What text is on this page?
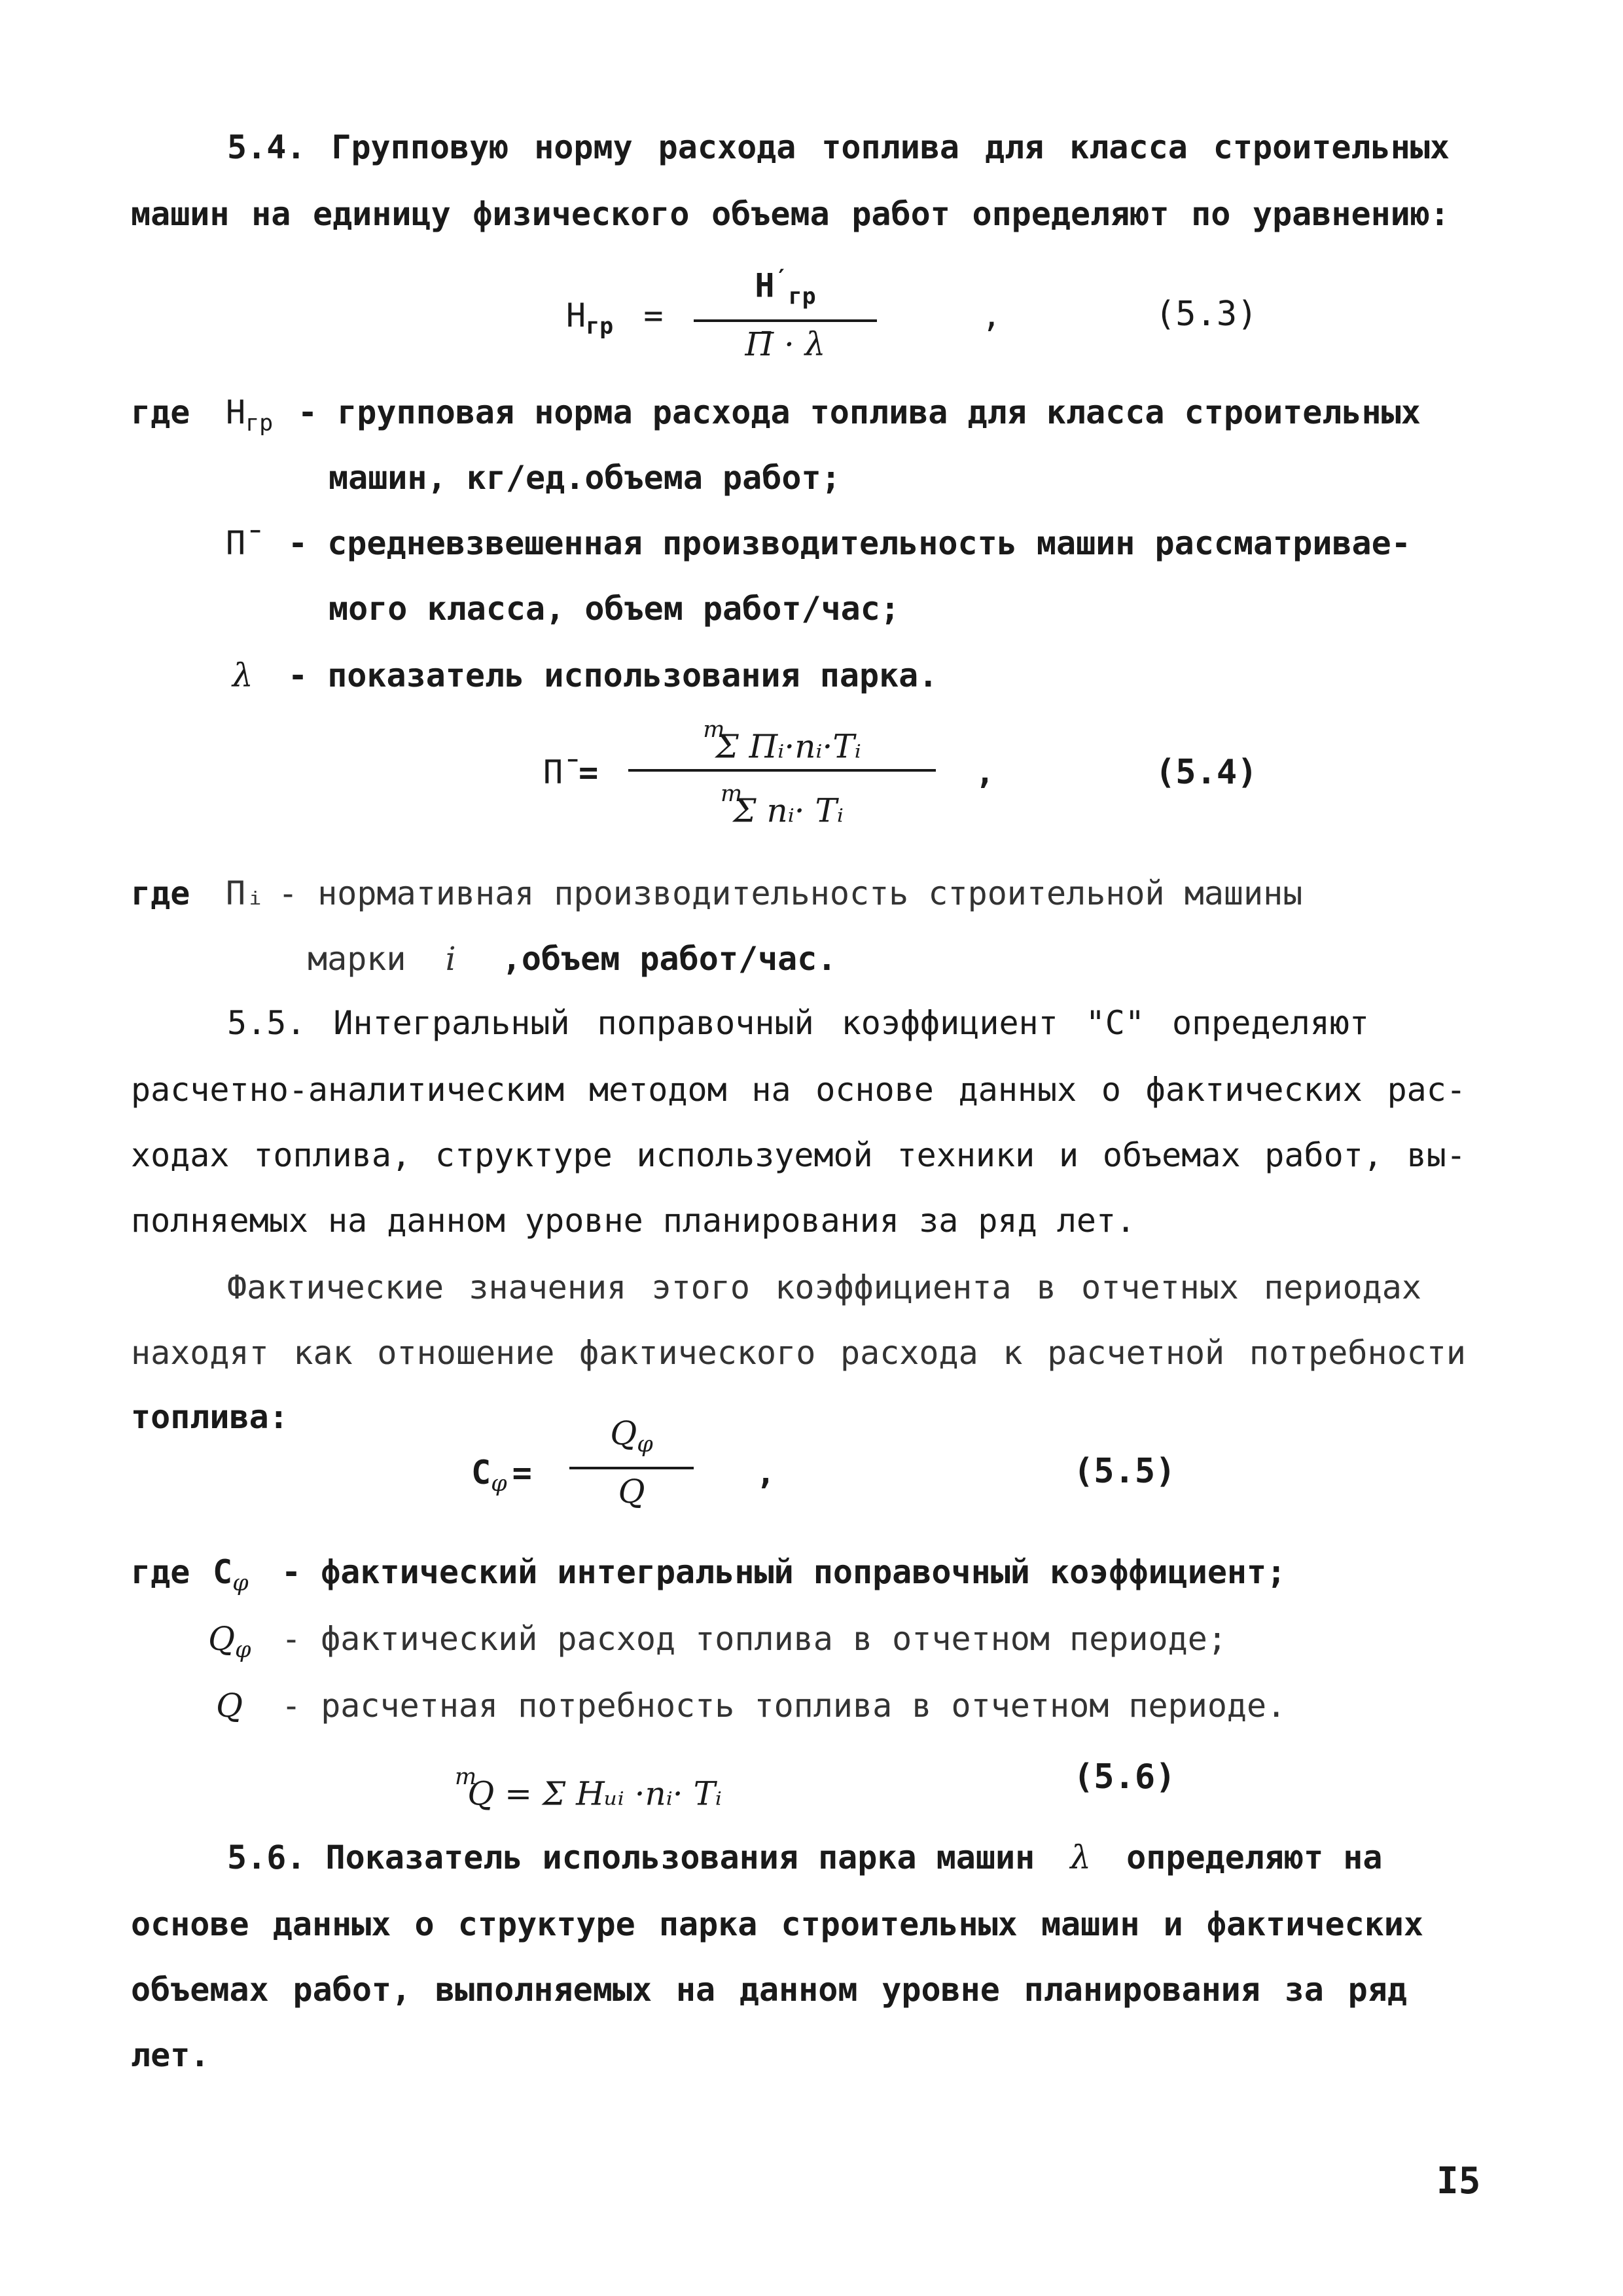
5.4. Групповую норму расхода топлива для класса строительных
машин на единицу физического объема работ определяют по уравнению:
$Н_{гр}$ =
$Н'_{гр}$
П̄ · λ
,	(5.3)
где $Н_{гр}$ - групповая норма расхода топлива для класса строительных
машин, кг/ед.объема работ;
П̄ - средневзвешенная производительность машин рассматривае-
мого класса, объем работ/час;
λ - показатель использования парка.
П̄ =
$^m$Σ Пᵢ·nᵢ·Tᵢ
$^m$Σ nᵢ· Tᵢ
,	(5.4)
где Пᵢ - нормативная производительность строительной машины
марки i ,объем работ/час.
5.5. Интегральный поправочный коэффициент "С" определяют
расчетно-аналитическим методом на основе данных о фактических рас-
ходах топлива, структуре используемой техники и объемах работ, вы-
полняемых на данном уровне планирования за ряд лет.
Фактические значения этого коэффициента в отчетных периодах
находят как отношение фактического расхода к расчетной потребности
топлива:
$С_\varphi$ =
$Q_\varphi$
Q	,	(5.5)
где $С_\varphi$ - фактический интегральный поправочный коэффициент;
$Q_\varphi$ - фактический расход топлива в отчетном периоде;
Q - расчетная потребность топлива в отчетном периоде.
$^m$Q = Σ Hᵤᵢ ·nᵢ· Tᵢ	(5.6)
5.6. Показатель использования парка машин λ определяют на
основе данных о структуре парка строительных машин и фактических
объемах работ, выполняемых на данном уровне планирования за ряд
лет.
I5
